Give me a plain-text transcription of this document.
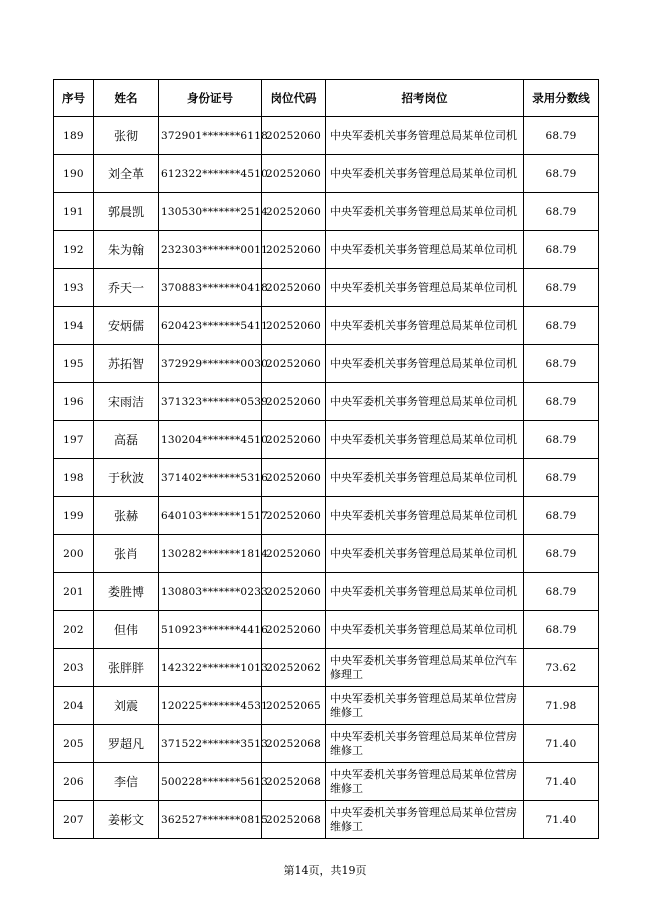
序号	姓名	身份证号	岗位代码	招考岗位	录用分数线
189	张彻	372901*******6118	20252060	中央军委机关事务管理总局某单位司机	68.79
190	刘全革	612322*******4510	20252060	中央军委机关事务管理总局某单位司机	68.79
191	郭晨凯	130530*******2514	20252060	中央军委机关事务管理总局某单位司机	68.79
192	朱为翰	232303*******0011	20252060	中央军委机关事务管理总局某单位司机	68.79
193	乔天一	370883*******0418	20252060	中央军委机关事务管理总局某单位司机	68.79
194	安炳儒	620423*******5411	20252060	中央军委机关事务管理总局某单位司机	68.79
195	苏拓智	372929*******0030	20252060	中央军委机关事务管理总局某单位司机	68.79
196	宋雨洁	371323*******0539	20252060	中央军委机关事务管理总局某单位司机	68.79
197	高磊	130204*******4510	20252060	中央军委机关事务管理总局某单位司机	68.79
198	于秋波	371402*******5316	20252060	中央军委机关事务管理总局某单位司机	68.79
199	张赫	640103*******1517	20252060	中央军委机关事务管理总局某单位司机	68.79
200	张肖	130282*******1814	20252060	中央军委机关事务管理总局某单位司机	68.79
201	娄胜博	130803*******0233	20252060	中央军委机关事务管理总局某单位司机	68.79
202	但伟	510923*******4416	20252060	中央军委机关事务管理总局某单位司机	68.79
203	张胖胖	142322*******1013	20252062	中央军委机关事务管理总局某单位汽车修理工	73.62
204	刘震	120225*******4531	20252065	中央军委机关事务管理总局某单位营房维修工	71.98
205	罗超凡	371522*******3513	20252068	中央军委机关事务管理总局某单位营房维修工	71.40
206	李信	500228*******5613	20252068	中央军委机关事务管理总局某单位营房维修工	71.40
207	姜彬文	362527*******0815	20252068	中央军委机关事务管理总局某单位营房维修工	71.40
第14页，共19页
